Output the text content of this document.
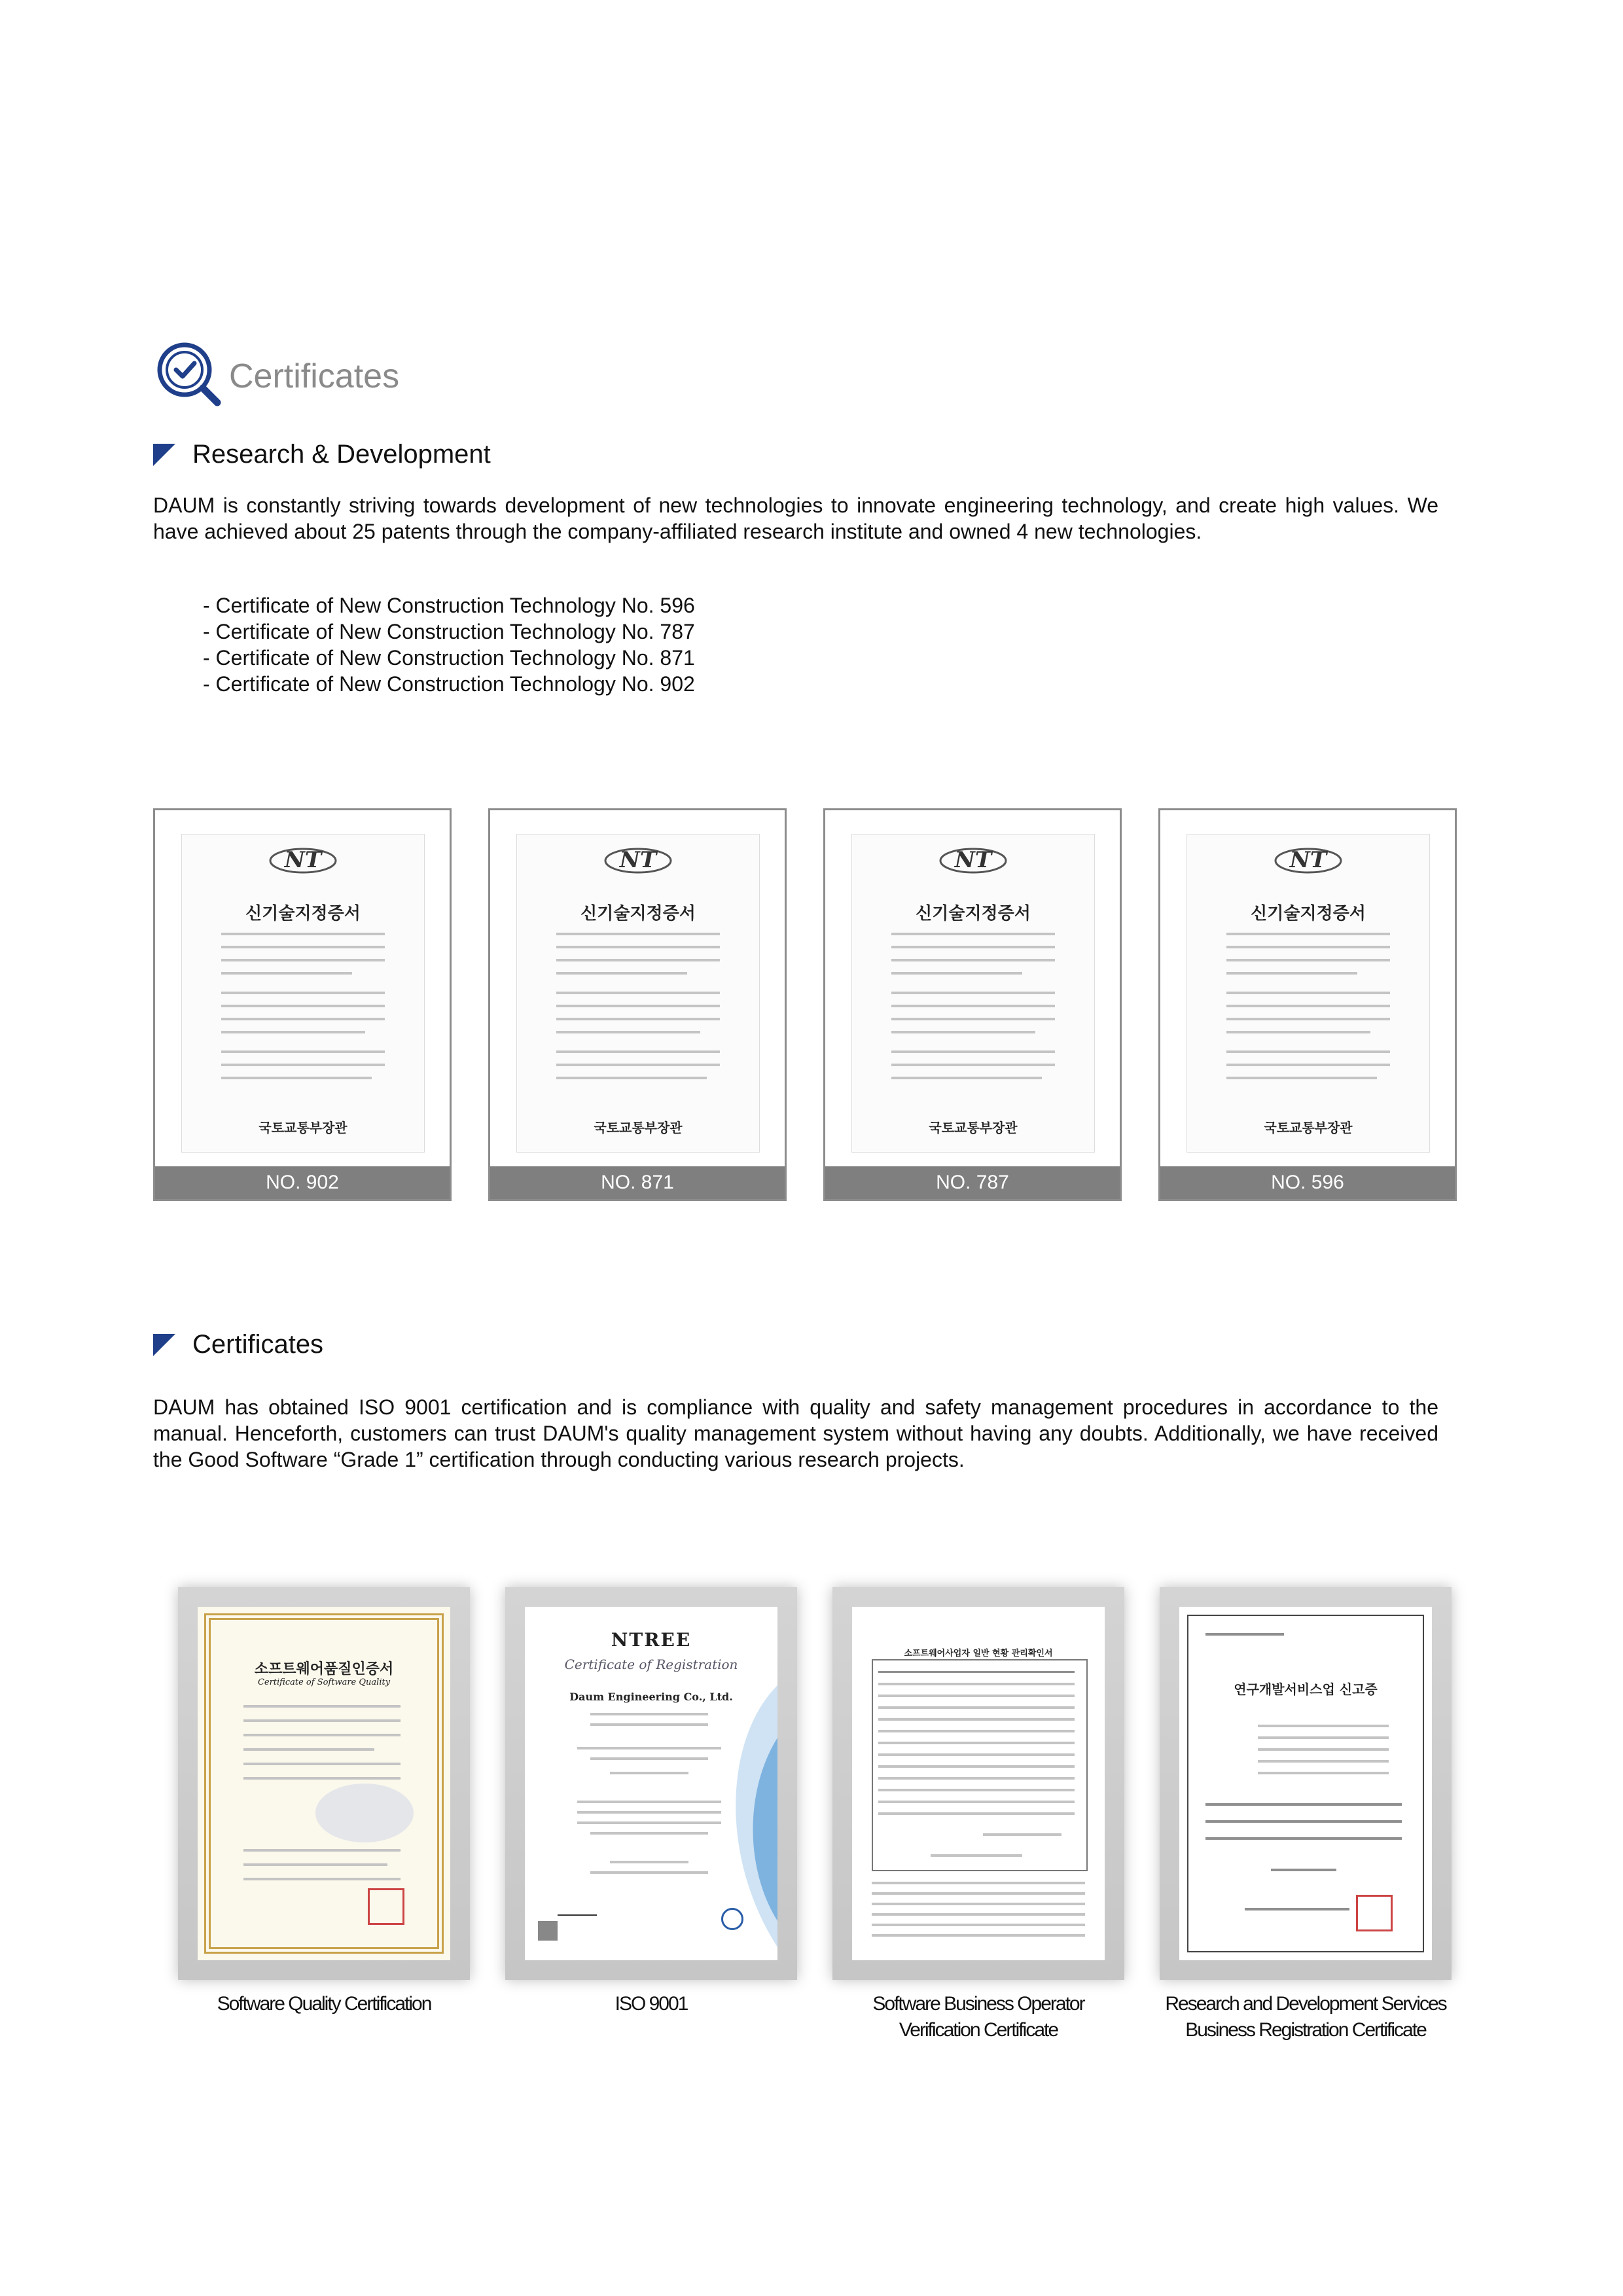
Certificates
Research & Development
DAUM is constantly striving towards development of new technologies to innovate engineering technology, and create high values. We have achieved about 25 patents through the company-affiliated research institute and owned 4 new technologies.
- Certificate of New Construction Technology No. 596
- Certificate of New Construction Technology No. 787
- Certificate of New Construction Technology No. 871
- Certificate of New Construction Technology No. 902
NT
신기술지정증서
국토교통부장관
NO. 902
NT
신기술지정증서
국토교통부장관
NO. 871
NT
신기술지정증서
국토교통부장관
NO. 787
NT
신기술지정증서
국토교통부장관
NO. 596
Certificates
DAUM has obtained ISO 9001 certification and is compliance with quality and safety management procedures in accordance to the manual. Henceforth, customers can trust DAUM's quality management system without having any doubts. Additionally, we have received the Good Software “Grade 1” certification through conducting various research projects.
소프트웨어품질인증서
Certificate of Software Quality
Software Quality Certification
NTREE
Certificate of Registration
Daum Engineering Co., Ltd.
ISO 9001
소프트웨어사업자 일반 현황 관리확인서
Software Business Operator
Verification Certificate
연구개발서비스업 신고증
Research and Development Services
Business Registration Certificate
